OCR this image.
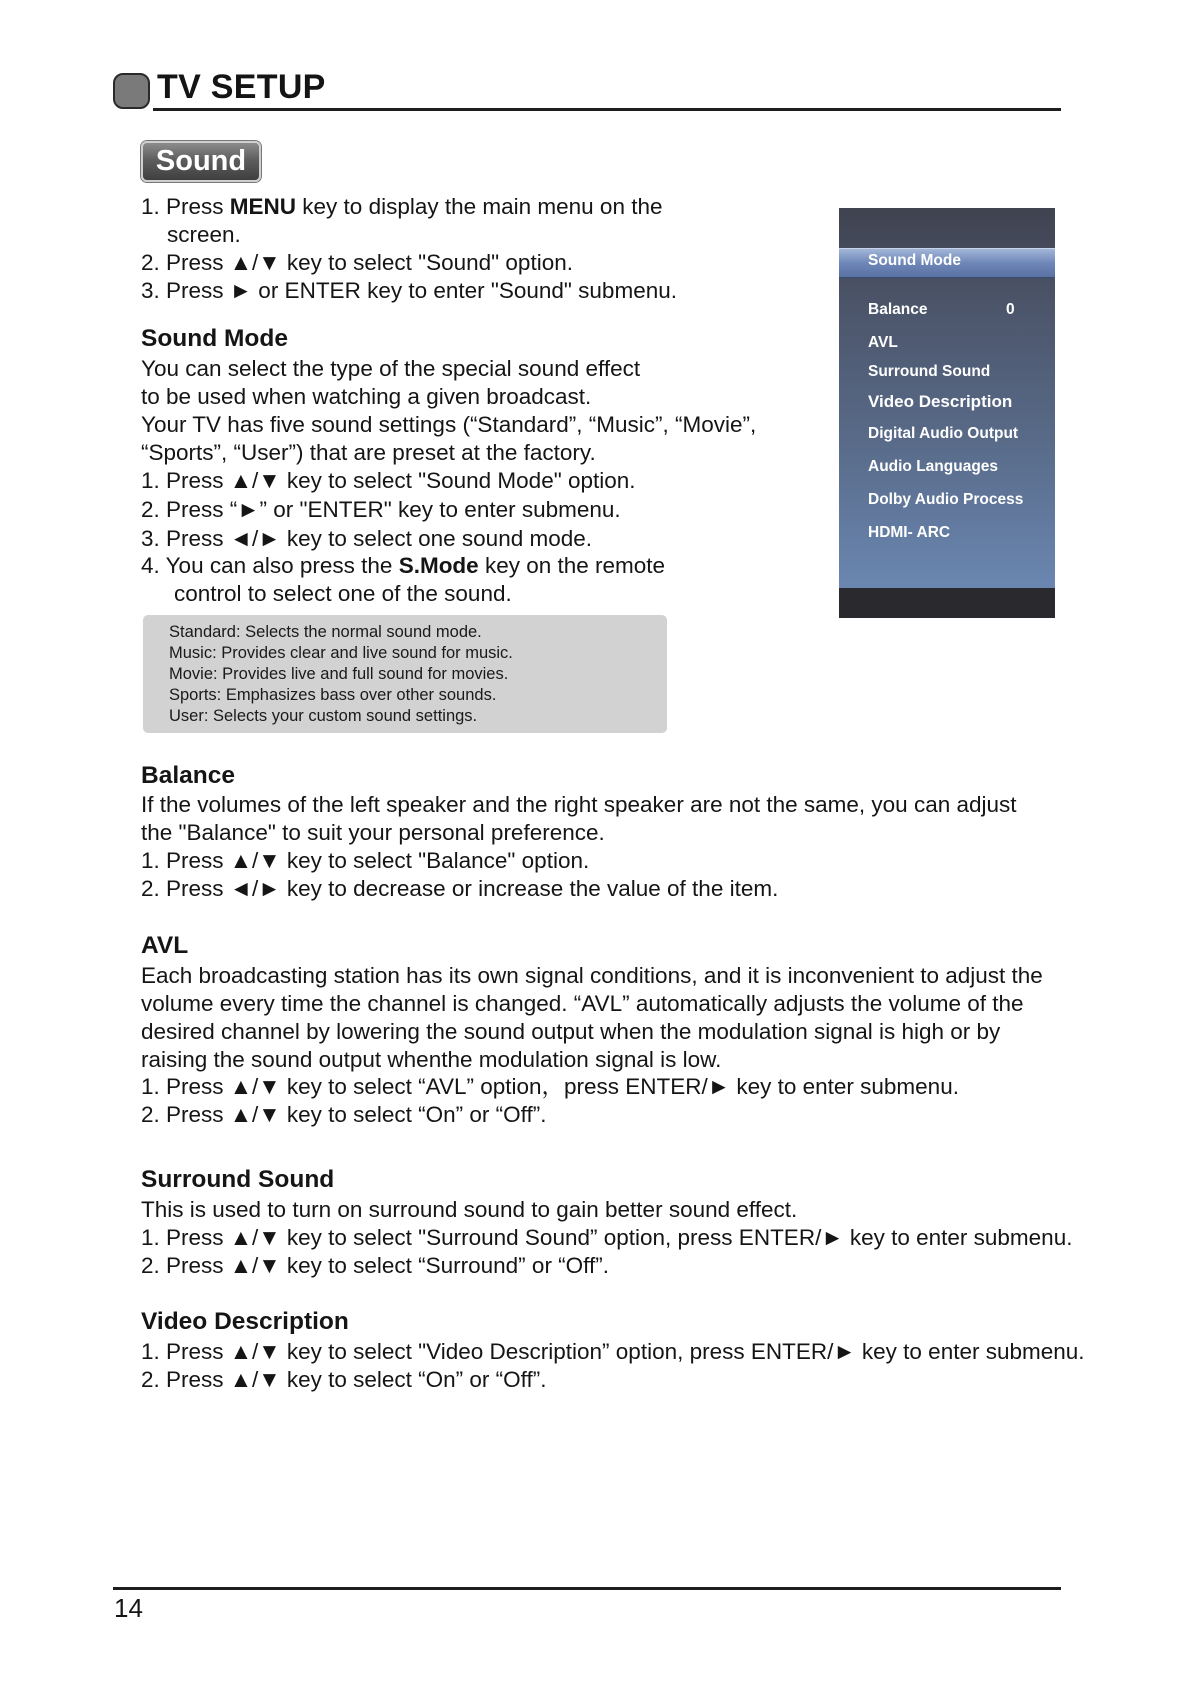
TV SETUP
Sound
1. Press MENU key to display the main menu on the
screen.
2. Press ▲/▼ key to select "Sound" option.
3. Press ► or ENTER key to enter "Sound" submenu.
Sound Mode
You can select the type of the special sound effect
to be used when watching a given broadcast.
Your TV has five sound settings (“Standard”, “Music”, “Movie”,
“Sports”, “User”) that are preset at the factory.
1. Press ▲/▼ key to select "Sound Mode" option.
2. Press “►” or "ENTER" key to enter submenu.
3. Press ◄/► key to select one sound mode.
4. You can also press the S.Mode key on the remote
control to select one of the sound.
Standard: Selects the normal sound mode.
Music: Provides clear and live sound for music.
Movie: Provides live and full sound for movies.
Sports: Emphasizes bass over other sounds.
User: Selects your custom sound settings.
Sound Mode
Balance	0
AVL
Surround Sound
Video Description
Digital Audio Output
Audio Languages
Dolby Audio Process
HDMI- ARC
Balance
If the volumes of the left speaker and the right speaker are not the same, you can adjust
the "Balance" to suit your personal preference.
1. Press ▲/▼ key to select "Balance" option.
2. Press ◄/► key to decrease or increase the value of the item.
AVL
Each broadcasting station has its own signal conditions, and it is inconvenient to adjust the
volume every time the channel is changed. “AVL” automatically adjusts the volume of the
desired channel by lowering the sound output when the modulation signal is high or by
raising the sound output whenthe modulation signal is low.
1. Press ▲/▼ key to select “AVL” option，press ENTER/► key to enter submenu.
2. Press ▲/▼ key to select “On” or “Off”.
Surround Sound
This is used to turn on surround sound to gain better sound effect.
1. Press ▲/▼ key to select "Surround Sound” option, press ENTER/► key to enter submenu.
2. Press ▲/▼ key to select “Surround” or “Off”.
Video Description
1. Press ▲/▼ key to select "Video Description” option, press ENTER/► key to enter submenu.
2. Press ▲/▼ key to select “On” or “Off”.
14
